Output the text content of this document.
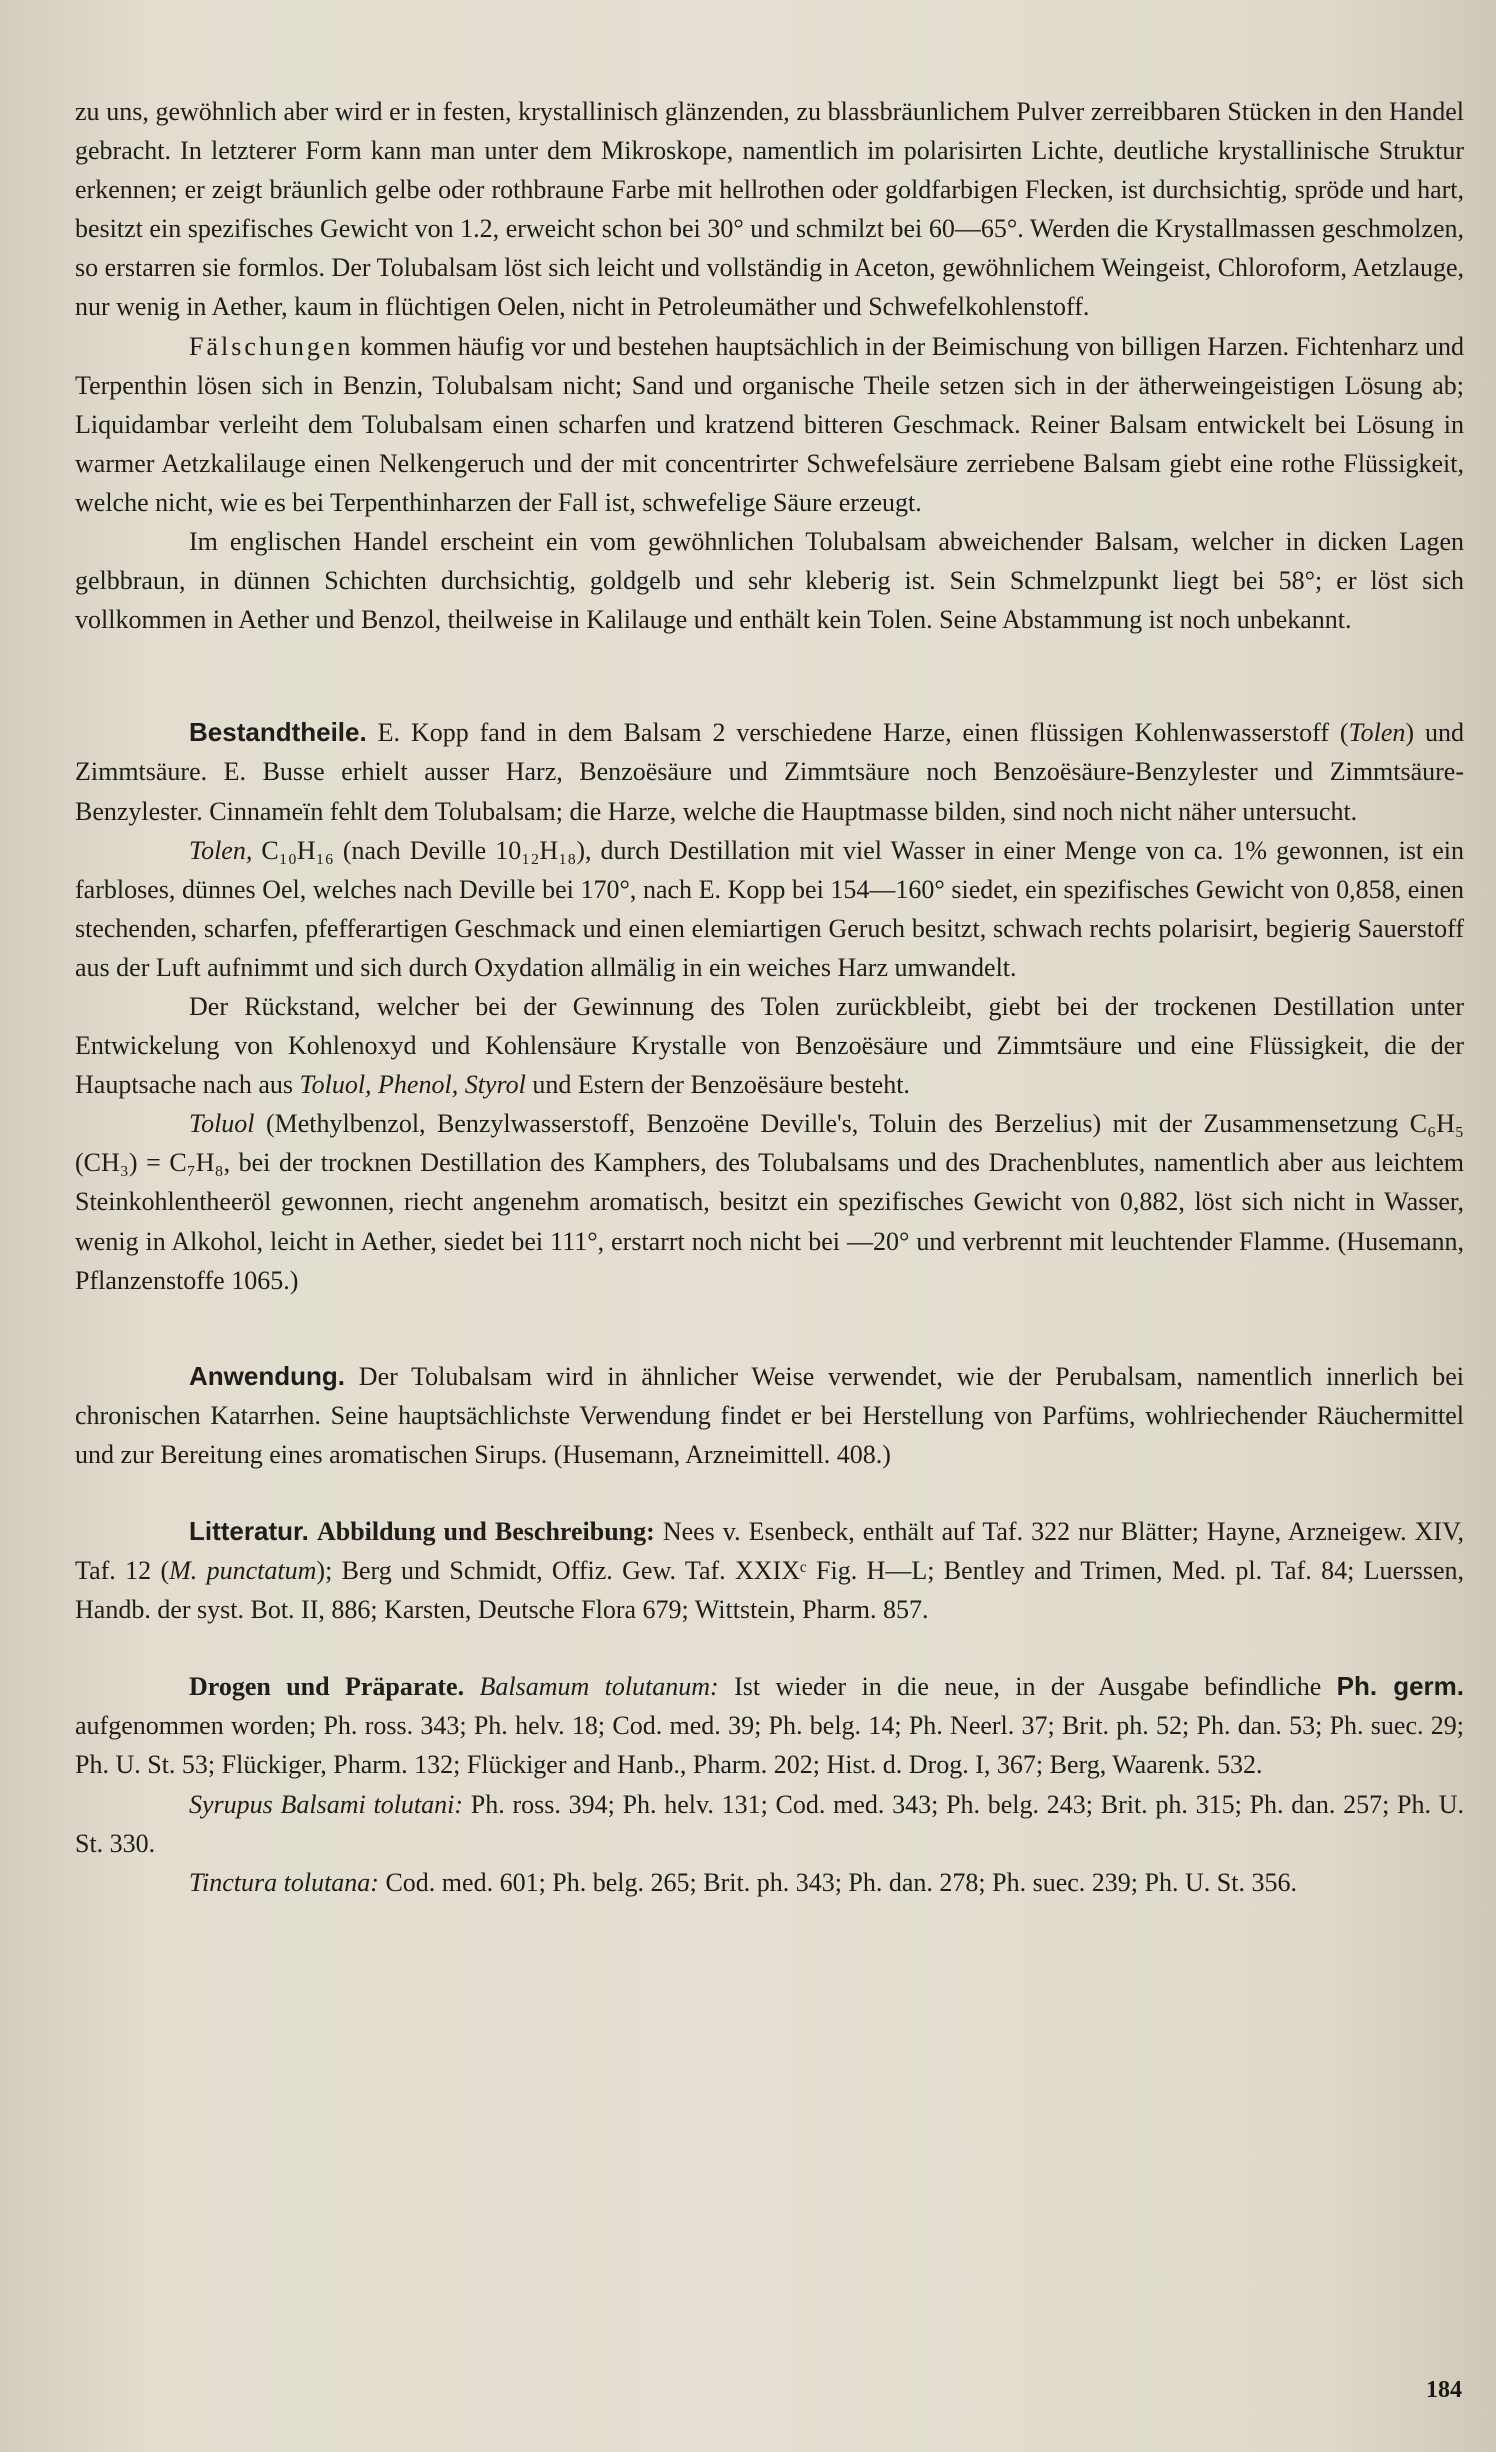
zu uns, gewöhnlich aber wird er in festen, krystallinisch glänzenden, zu blassbräunlichem Pulver zerreibbaren Stücken in den Handel gebracht. In letzterer Form kann man unter dem Mikroskope, namentlich im polarisirten Lichte, deutliche krystallinische Struktur erkennen; er zeigt bräunlich gelbe oder rothbraune Farbe mit hellrothen oder goldfarbigen Flecken, ist durchsichtig, spröde und hart, besitzt ein spezifisches Gewicht von 1.2, erweicht schon bei 30° und schmilzt bei 60—65°. Werden die Krystallmassen geschmolzen, so erstarren sie formlos. Der Tolubalsam löst sich leicht und vollständig in Aceton, gewöhnlichem Weingeist, Chloroform, Aetzlauge, nur wenig in Aether, kaum in flüchtigen Oelen, nicht in Petroleumäther und Schwefelkohlenstoff.

Fälschungen kommen häufig vor und bestehen hauptsächlich in der Beimischung von billigen Harzen. Fichtenharz und Terpenthin lösen sich in Benzin, Tolubalsam nicht; Sand und organische Theile setzen sich in der ätherweingeistigen Lösung ab; Liquidambar verleiht dem Tolubalsam einen scharfen und kratzend bitteren Geschmack. Reiner Balsam entwickelt bei Lösung in warmer Aetzkalilauge einen Nelkengeruch und der mit concentrirter Schwefelsäure zerriebene Balsam giebt eine rothe Flüssigkeit, welche nicht, wie es bei Terpenthinharzen der Fall ist, schwefelige Säure erzeugt.

Im englischen Handel erscheint ein vom gewöhnlichen Tolubalsam abweichender Balsam, welcher in dicken Lagen gelbbraun, in dünnen Schichten durchsichtig, goldgelb und sehr kleberig ist. Sein Schmelzpunkt liegt bei 58°; er löst sich vollkommen in Aether und Benzol, theilweise in Kalilauge und enthält kein Tolen. Seine Abstammung ist noch unbekannt.

Bestandtheile. E. Kopp fand in dem Balsam 2 verschiedene Harze, einen flüssigen Kohlenwasserstoff (Tolen) und Zimmtsäure. E. Busse erhielt ausser Harz, Benzoësäure und Zimmtsäure noch Benzoësäure-Benzylester und Zimmtsäure-Benzylester. Cinnameïn fehlt dem Tolubalsam; die Harze, welche die Hauptmasse bilden, sind noch nicht näher untersucht.

Tolen, C₁₀H₁₆ (nach Deville 10₁₂H₁₈), durch Destillation mit viel Wasser in einer Menge von ca. 1% gewonnen, ist ein farbloses, dünnes Oel, welches nach Deville bei 170°, nach E. Kopp bei 154—160° siedet, ein spezifisches Gewicht von 0,858, einen stechenden, scharfen, pfefferartigen Geschmack und einen elemiartigen Geruch besitzt, schwach rechts polarisirt, begierig Sauerstoff aus der Luft aufnimmt und sich durch Oxydation allmälig in ein weiches Harz umwandelt.

Der Rückstand, welcher bei der Gewinnung des Tolen zurückbleibt, giebt bei der trockenen Destillation unter Entwickelung von Kohlenoxyd und Kohlensäure Krystalle von Benzoësäure und Zimmtsäure und eine Flüssigkeit, die der Hauptsache nach aus Toluol, Phenol, Styrol und Estern der Benzoësäure besteht.

Toluol (Methylbenzol, Benzylwasserstoff, Benzoëne Deville's, Toluin des Berzelius) mit der Zusammensetzung C₆H₅ (CH₃) = C₇H₈, bei der trocknen Destillation des Kamphers, des Tolubalsams und des Drachenblutes, namentlich aber aus leichtem Steinkohlentheeröl gewonnen, riecht angenehm aromatisch, besitzt ein spezifisches Gewicht von 0,882, löst sich nicht in Wasser, wenig in Alkohol, leicht in Aether, siedet bei 111°, erstarrt noch nicht bei —20° und verbrennt mit leuchtender Flamme. (Husemann, Pflanzenstoffe 1065.)

Anwendung. Der Tolubalsam wird in ähnlicher Weise verwendet, wie der Perubalsam, namentlich innerlich bei chronischen Katarrhen. Seine hauptsächlichste Verwendung findet er bei Herstellung von Parfüms, wohlriechender Räuchermittel und zur Bereitung eines aromatischen Sirups. (Husemann, Arzneimittell. 408.)

Litteratur. Abbildung und Beschreibung: Nees v. Esenbeck, enthält auf Taf. 322 nur Blätter; Hayne, Arzneigew. XIV, Taf. 12 (M. punctatum); Berg und Schmidt, Offiz. Gew. Taf. XXIXᶜ Fig. H—L; Bentley and Trimen, Med. pl. Taf. 84; Luerssen, Handb. der syst. Bot. II, 886; Karsten, Deutsche Flora 679; Wittstein, Pharm. 857.

Drogen und Präparate. Balsamum tolutanum: Ist wieder in die neue, in der Ausgabe befindliche Ph. germ. aufgenommen worden; Ph. ross. 343; Ph. helv. 18; Cod. med. 39; Ph. belg. 14; Ph. Neerl. 37; Brit. ph. 52; Ph. dan. 53; Ph. suec. 29; Ph. U. St. 53; Flückiger, Pharm. 132; Flückiger and Hanb., Pharm. 202; Hist. d. Drog. I, 367; Berg, Waarenk. 532.

Syrupus Balsami tolutani: Ph. ross. 394; Ph. helv. 131; Cod. med. 343; Ph. belg. 243; Brit. ph. 315; Ph. dan. 257; Ph. U. St. 330.

Tinctura tolutana: Cod. med. 601; Ph. belg. 265; Brit. ph. 343; Ph. dan. 278; Ph. suec. 239; Ph. U. St. 356.

184
